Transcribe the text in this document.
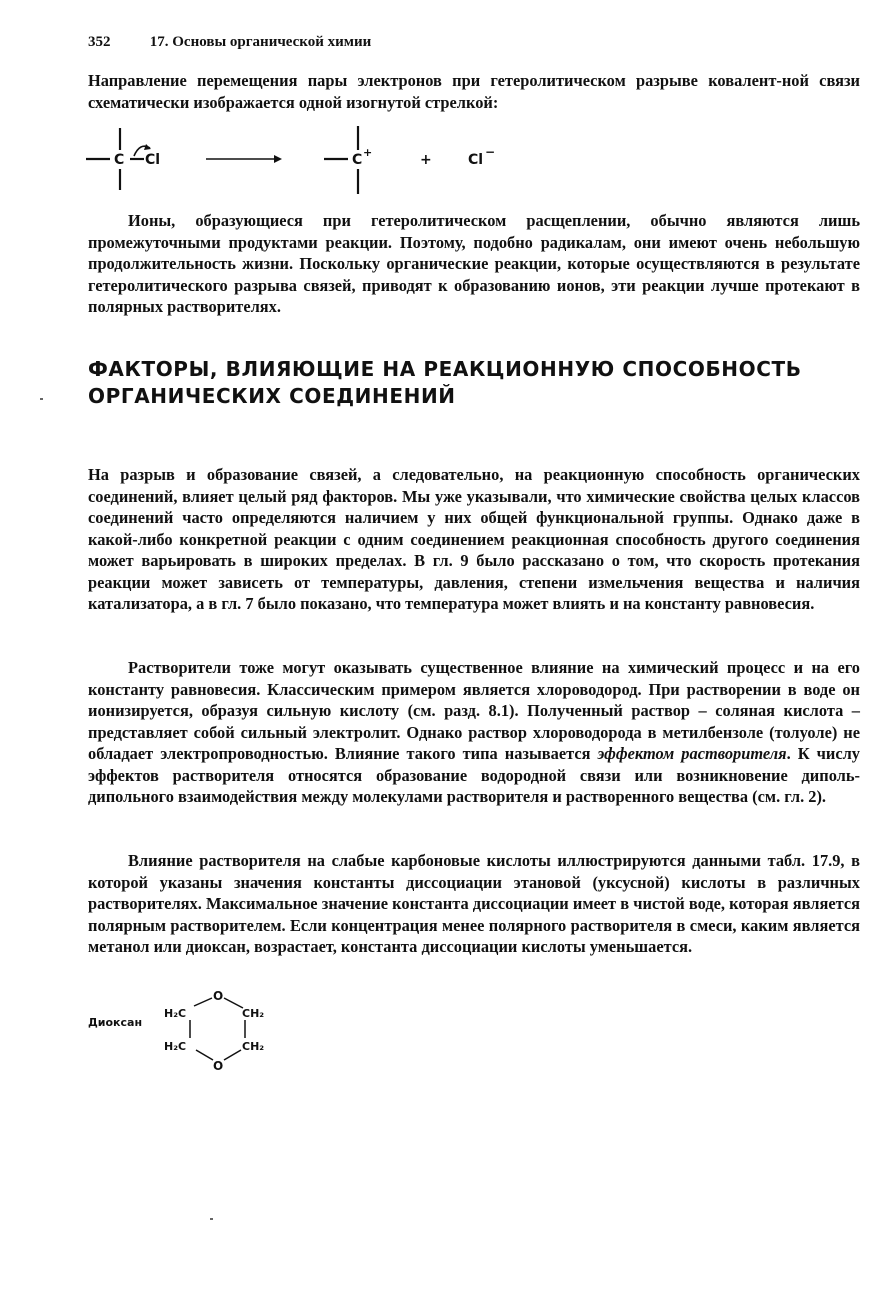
352	17. Основы органической химии

Направление перемещения пары электронов при гетеролитическом разрыве ковалент-ной связи схематически изображается одной изогнутой стрелкой:

C Cl	C +	+	Cl −

Ионы, образующиеся при гетеролитическом расщеплении, обычно являются лишь промежуточными продуктами реакции. Поэтому, подобно радикалам, они имеют очень небольшую продолжительность жизни. Поскольку органические реакции, которые осуществляются в результате гетеролитического разрыва связей, приводят к образованию ионов, эти реакции лучше протекают в полярных растворителях.

ФАКТОРЫ, ВЛИЯЮЩИЕ НА РЕАКЦИОННУЮ СПОСОБНОСТЬ
ОРГАНИЧЕСКИХ СОЕДИНЕНИЙ

На разрыв и образование связей, а следовательно, на реакционную способность органических соединений, влияет целый ряд факторов. Мы уже указывали, что химические свойства целых классов соединений часто определяются наличием у них общей функциональной группы. Однако даже в какой-либо конкретной реакции с одним соединением реакционная способность другого соединения может варьировать в широких пределах. В гл. 9 было рассказано о том, что скорость протекания реакции может зависеть от температуры, давления, степени измельчения вещества и наличия катализатора, а в гл. 7 было показано, что температура может влиять и на константу равновесия.

Растворители тоже могут оказывать существенное влияние на химический процесс и на его константу равновесия. Классическим примером является хлороводород. При растворении в воде он ионизируется, образуя сильную кислоту (см. разд. 8.1). Полученный раствор – соляная кислота – представляет собой сильный электролит. Однако раствор хлороводорода в метилбензоле (толуоле) не обладает электропроводностью. Влияние такого типа называется эффектом растворителя. К числу эффектов растворителя относятся образование водородной связи или возникновение диполь-дипольного взаимодействия между молекулами растворителя и растворенного вещества (см. гл. 2).

Влияние растворителя на слабые карбоновые кислоты иллюстрируются данными табл. 17.9, в которой указаны значения константы диссоциации этановой (уксусной) кислоты в различных растворителях. Максимальное значение константа диссоциации имеет в чистой воде, которая является полярным растворителем. Если концентрация менее полярного растворителя в смеси, каким является метанол или диоксан, возрастает, константа диссоциации кислоты уменьшается.

Диоксан
O
H₂C	CH₂
H₂C	CH₂
O
